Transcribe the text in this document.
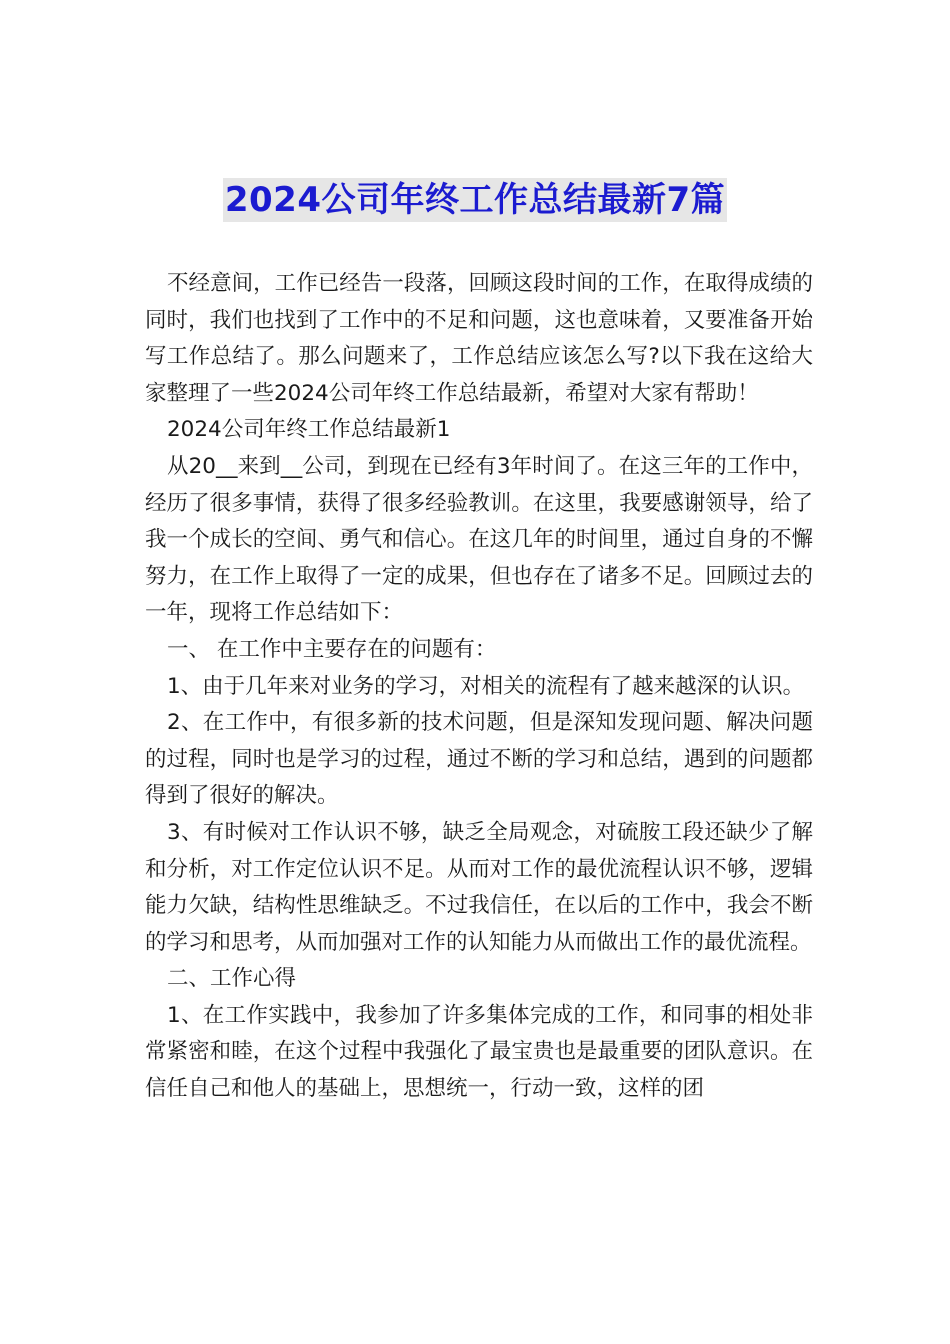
2024公司年终工作总结最新7篇

不经意间，工作已经告一段落，回顾这段时间的工作，在取得成绩的同时，我们也找到了工作中的不足和问题，这也意味着，又要准备开始写工作总结了。那么问题来了，工作总结应该怎么写?以下我在这给大家整理了一些2024公司年终工作总结最新，希望对大家有帮助！

2024公司年终工作总结最新1

从20__来到__公司，到现在已经有3年时间了。在这三年的工作中，经历了很多事情，获得了很多经验教训。在这里，我要感谢领导，给了我一个成长的空间、勇气和信心。在这几年的时间里，通过自身的不懈努力，在工作上取得了一定的成果，但也存在了诸多不足。回顾过去的一年，现将工作总结如下：

一、 在工作中主要存在的问题有：

1、由于几年来对业务的学习，对相关的流程有了越来越深的认识。

2、在工作中，有很多新的技术问题，但是深知发现问题、解决问题的过程，同时也是学习的过程，通过不断的学习和总结，遇到的问题都得到了很好的解决。

3、有时候对工作认识不够，缺乏全局观念，对硫胺工段还缺少了解和分析，对工作定位认识不足。从而对工作的最优流程认识不够，逻辑能力欠缺，结构性思维缺乏。不过我信任，在以后的工作中，我会不断的学习和思考，从而加强对工作的认知能力从而做出工作的最优流程。

二、工作心得

1、在工作实践中，我参加了许多集体完成的工作，和同事的相处非常紧密和睦，在这个过程中我强化了最宝贵也是最重要的团队意识。在信任自己和他人的基础上，思想统一，行动一致，这样的团
